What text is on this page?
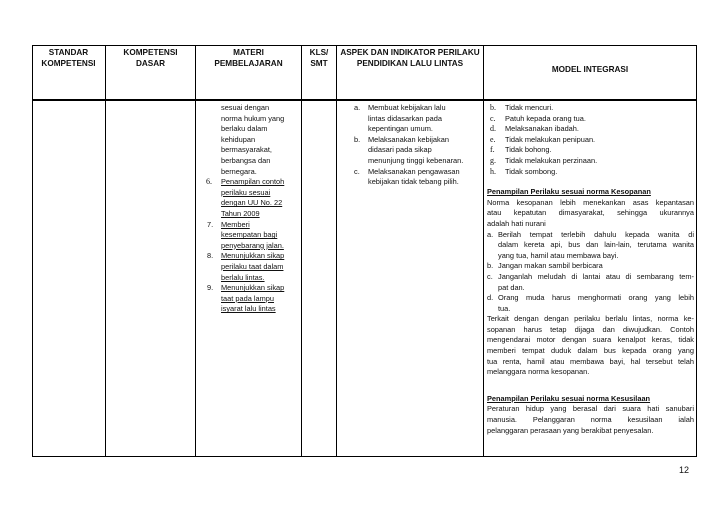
STANDAR
KOMPETENSI
KOMPETENSI
DASAR
MATERI
PEMBELAJARAN
KLS/
SMT
ASPEK DAN INDIKATOR PERILAKU
PENDIDIKAN LALU LINTAS
MODEL INTEGRASI
sesuai dengan
norma hukum yang
berlaku dalam
kehidupan
bermasyarakat,
berbangsa dan
bernegara.
6. Penampilan contoh
perilaku sesuai
dengan UU No. 22
Tahun 2009
7. Memberi
kesempatan bagi
penyebarang jalan.
8. Menunjukkan sikap
perilaku taat dalam
berlalu lintas.
9. Menunjukkan sikap
taat pada lampu
isyarat lalu lintas
a. Membuat kebijakan lalu
lintas didasarkan pada
kepentingan umum.
b. Melaksanakan kebijakan
didasari pada sikap
menunjung tinggi kebenaran.
c. Melaksanakan pengawasan
kebijakan tidak tebang pilih.
b. Tidak mencuri.
c. Patuh kepada orang tua.
d. Melaksanakan ibadah.
e. Tidak melakukan penipuan.
f. Tidak bohong.
g. Tidak melakukan perzinaan.
h. Tidak sombong.
Penampilan Perilaku sesuai norma Kesopanan
Norma kesopanan lebih menekankan asas kepantasan
atau kepatutan dimasyarakat, sehingga ukurannya
adalah hati nurani
a. Berilah tempat terlebih dahulu kepada wanita di
dalam kereta api, bus dan lain-lain, terutama wanita
yang tua, hamil atau membawa bayi.
b. Jangan makan sambil berbicara
c. Janganlah meludah di lantai atau di sembarang tem-
pat dan.
d. Orang muda harus menghormati orang yang lebih
tua.
Terkait dengan dengan perilaku berlalu lintas, norma ke-
sopanan harus tetap dijaga dan diwujudkan. Contoh
mengendarai motor dengan suara kenalpot keras, tidak
memberi tempat duduk dalam bus kepada orang yang
tua renta, hamil atau membawa bayi, hal tersebut telah
melanggara norma kesopanan.
Penampilan Perilaku sesuai norma Kesusilaan
Peraturan hidup yang berasal dari suara hati sanubari
manusia. Pelanggaran norma kesusilaan ialah
pelanggaran perasaan yang berakibat penyesalan.
12
